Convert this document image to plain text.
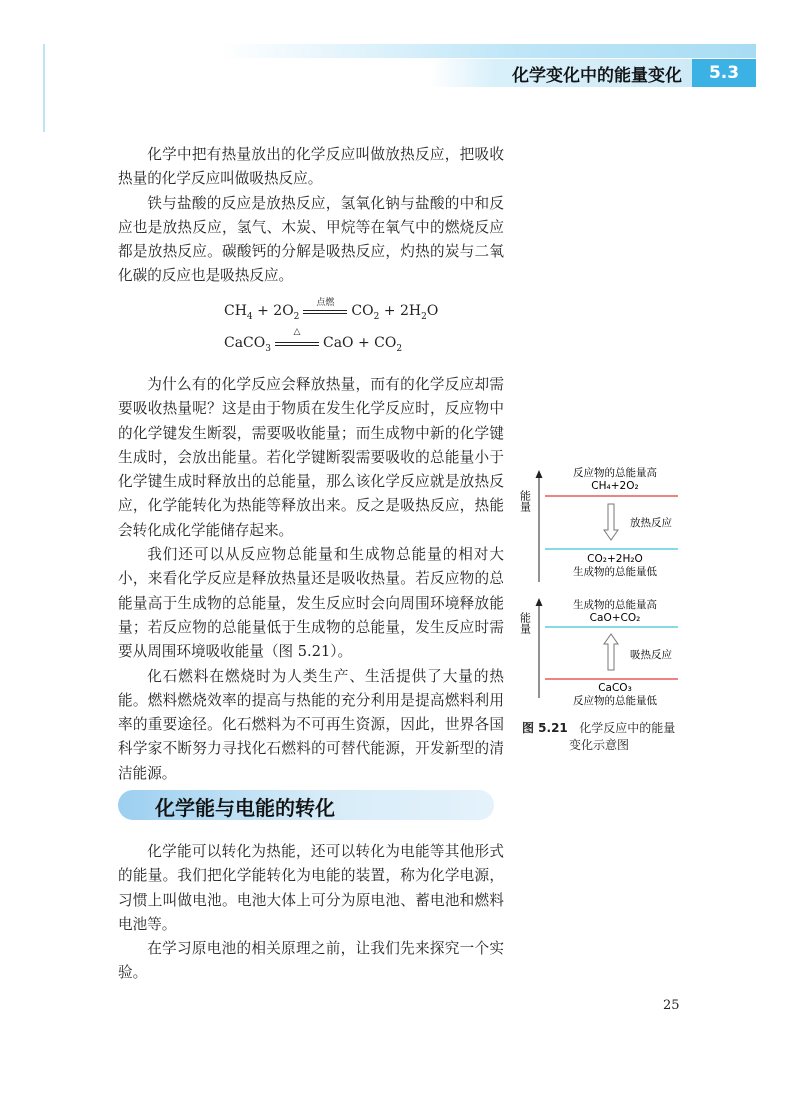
化学变化中的能量变化	5.3

化学中把有热量放出的化学反应叫做放热反应，把吸收热量的化学反应叫做吸热反应。

铁与盐酸的反应是放热反应，氢氧化钠与盐酸的中和反应也是放热反应，氢气、木炭、甲烷等在氧气中的燃烧反应都是放热反应。碳酸钙的分解是吸热反应，灼热的炭与二氧化碳的反应也是吸热反应。

$CH_4 + 2O_2$
点燃	$CO_2 + 2H_2O$
CaCO$_3$
△
CaO + $CO_2$

为什么有的化学反应会释放热量，而有的化学反应却需要吸收热量呢？这是由于物质在发生化学反应时，反应物中的化学键发生断裂，需要吸收能量；而生成物中新的化学键生成时，会放出能量。若化学键断裂需要吸收的总能量小于化学键生成时释放出的总能量，那么该化学反应就是放热反应，化学能转化为热能等释放出来。反之是吸热反应，热能会转化成化学能储存起来。

我们还可以从反应物总能量和生成物总能量的相对大小，来看化学反应是释放热量还是吸收热量。若反应物的总能量高于生成物的总能量，发生反应时会向周围环境释放能量；若反应物的总能量低于生成物的总能量，发生反应时需要从周围环境吸收能量（图 5.21）。

化石燃料在燃烧时为人类生产、生活提供了大量的热能。燃料燃烧效率的提高与热能的充分利用是提高燃料利用率的重要途径。化石燃料为不可再生资源，因此，世界各国科学家不断努力寻找化石燃料的可替代能源，开发新型的清洁能源。

能量
反应物的总能量高
CH₄+2O₂
放热反应
CO₂+2H₂O
生成物的总能量低
能量
生成物的总能量高
CaO+CO₂
吸热反应
CaCO₃
反应物的总能量低
图 5.21 化学反应中的能量
变化示意图
化学能与电能的转化

化学能可以转化为热能，还可以转化为电能等其他形式的能量。我们把化学能转化为电能的装置，称为化学电源，习惯上叫做电池。电池大体上可分为原电池、蓄电池和燃料电池等。

在学习原电池的相关原理之前，让我们先来探究一个实验。

25
